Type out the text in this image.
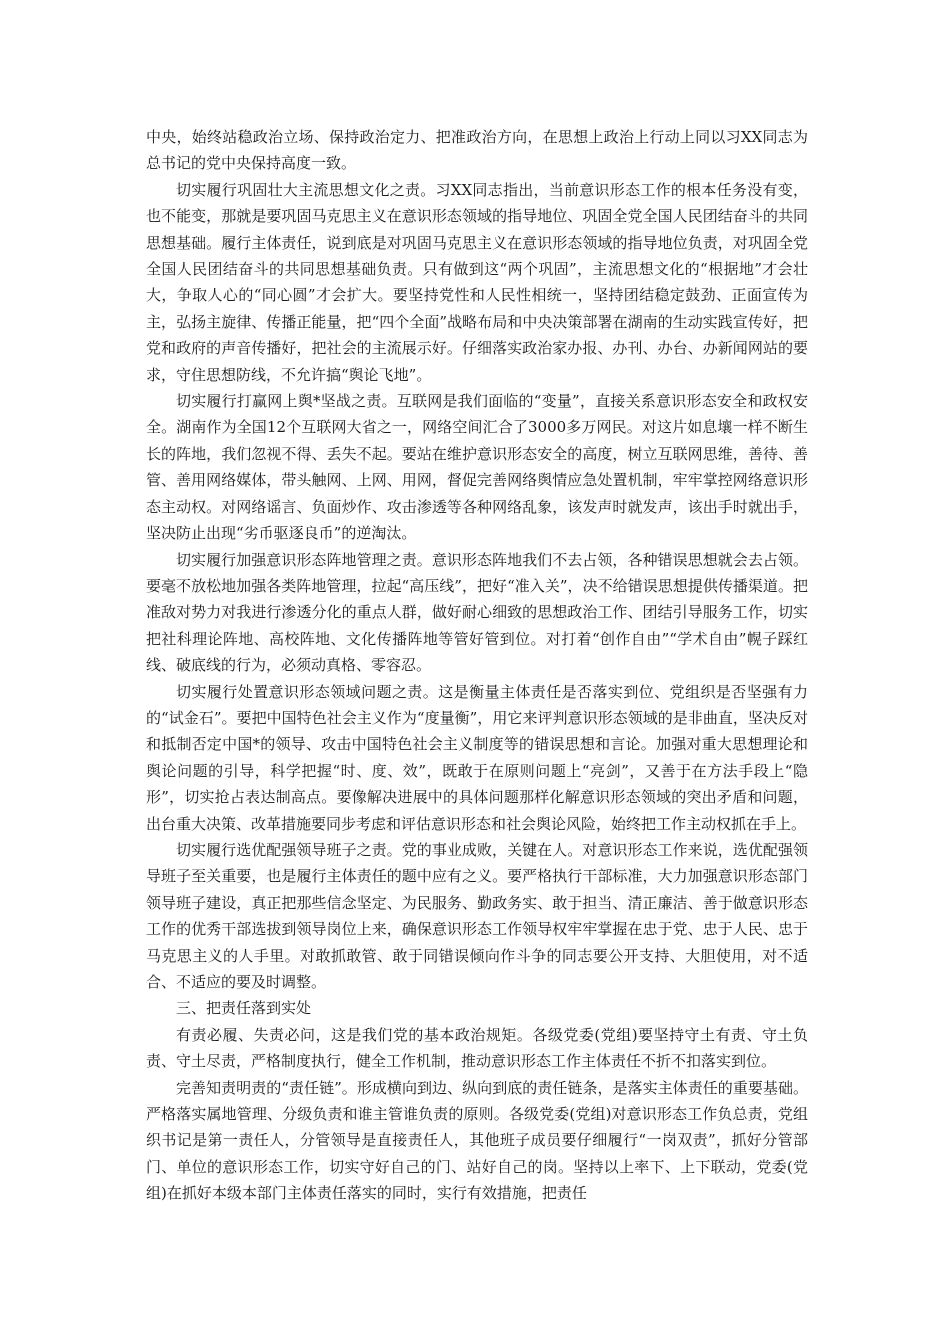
中央，始终站稳政治立场、保持政治定力、把准政治方向，在思想上政治上行动上同以习XX同志为总书记的党中央保持高度一致。

切实履行巩固壮大主流思想文化之责。习XX同志指出，当前意识形态工作的根本任务没有变，也不能变，那就是要巩固马克思主义在意识形态领域的指导地位、巩固全党全国人民团结奋斗的共同思想基础。履行主体责任，说到底是对巩固马克思主义在意识形态领域的指导地位负责，对巩固全党全国人民团结奋斗的共同思想基础负责。只有做到这“两个巩固”，主流思想文化的“根据地”才会壮大，争取人心的“同心圆”才会扩大。要坚持党性和人民性相统一，坚持团结稳定鼓劲、正面宣传为主，弘扬主旋律、传播正能量，把“四个全面”战略布局和中央决策部署在湖南的生动实践宣传好，把党和政府的声音传播好，把社会的主流展示好。仔细落实政治家办报、办刊、办台、办新闻网站的要求，守住思想防线，不允许搞“舆论飞地”。

切实履行打赢网上舆*坚战之责。互联网是我们面临的“变量”，直接关系意识形态安全和政权安全。湖南作为全国12个互联网大省之一，网络空间汇合了3000多万网民。对这片如息壤一样不断生长的阵地，我们忽视不得、丢失不起。要站在维护意识形态安全的高度，树立互联网思维，善待、善管、善用网络媒体，带头触网、上网、用网，督促完善网络舆情应急处置机制，牢牢掌控网络意识形态主动权。对网络谣言、负面炒作、攻击渗透等各种网络乱象，该发声时就发声，该出手时就出手，坚决防止出现“劣币驱逐良币”的逆淘汰。

切实履行加强意识形态阵地管理之责。意识形态阵地我们不去占领，各种错误思想就会去占领。要毫不放松地加强各类阵地管理，拉起“高压线”，把好“准入关”，决不给错误思想提供传播渠道。把准敌对势力对我进行渗透分化的重点人群，做好耐心细致的思想政治工作、团结引导服务工作，切实把社科理论阵地、高校阵地、文化传播阵地等管好管到位。对打着“创作自由”“学术自由”幌子踩红线、破底线的行为，必须动真格、零容忍。

切实履行处置意识形态领域问题之责。这是衡量主体责任是否落实到位、党组织是否坚强有力的“试金石”。要把中国特色社会主义作为“度量衡”，用它来评判意识形态领域的是非曲直，坚决反对和抵制否定中国*的领导、攻击中国特色社会主义制度等的错误思想和言论。加强对重大思想理论和舆论问题的引导，科学把握“时、度、效”，既敢于在原则问题上“亮剑”，又善于在方法手段上“隐形”，切实抢占表达制高点。要像解决进展中的具体问题那样化解意识形态领域的突出矛盾和问题，出台重大决策、改革措施要同步考虑和评估意识形态和社会舆论风险，始终把工作主动权抓在手上。

切实履行选优配强领导班子之责。党的事业成败，关键在人。对意识形态工作来说，选优配强领导班子至关重要，也是履行主体责任的题中应有之义。要严格执行干部标准，大力加强意识形态部门领导班子建设，真正把那些信念坚定、为民服务、勤政务实、敢于担当、清正廉洁、善于做意识形态工作的优秀干部选拔到领导岗位上来，确保意识形态工作领导权牢牢掌握在忠于党、忠于人民、忠于马克思主义的人手里。对敢抓敢管、敢于同错误倾向作斗争的同志要公开支持、大胆使用，对不适合、不适应的要及时调整。

三、把责任落到实处

有责必履、失责必问，这是我们党的基本政治规矩。各级党委(党组)要坚持守土有责、守土负责、守土尽责，严格制度执行，健全工作机制，推动意识形态工作主体责任不折不扣落实到位。

完善知责明责的“责任链”。形成横向到边、纵向到底的责任链条，是落实主体责任的重要基础。严格落实属地管理、分级负责和谁主管谁负责的原则。各级党委(党组)对意识形态工作负总责，党组织书记是第一责任人，分管领导是直接责任人，其他班子成员要仔细履行“一岗双责”，抓好分管部门、单位的意识形态工作，切实守好自己的门、站好自己的岗。坚持以上率下、上下联动，党委(党组)在抓好本级本部门主体责任落实的同时，实行有效措施，把责任
